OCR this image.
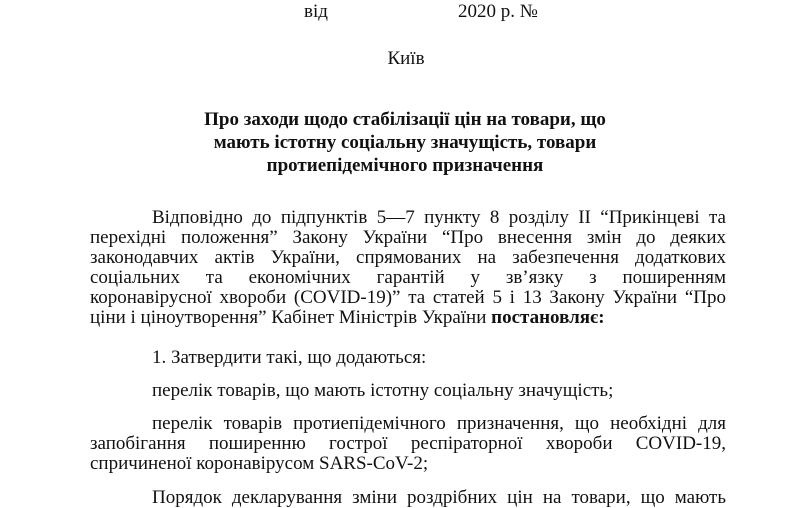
від	2020 р. №
Київ
Про заходи щодо стабілізації цін на товари, що
мають істотну соціальну значущість, товари
протиепідемічного призначення
Відповідно до підпунктів 5—7 пункту 8 розділу ІІ “Прикінцеві та
перехідні положення” Закону України “Про внесення змін до деяких
законодавчих актів України, спрямованих на забезпечення додаткових
соціальних та економічних гарантій у зв’язку з поширенням
коронавірусної хвороби (COVID-19)” та статей 5 і 13 Закону України “Про
ціни і ціноутворення” Кабінет Міністрів України постановляє:
1. Затвердити такі, що додаються:
перелік товарів, що мають істотну соціальну значущість;
перелік товарів протиепідемічного призначення, що необхідні для
запобігання поширенню гострої респіраторної хвороби COVID-19,
спричиненої коронавірусом SARS-CoV-2;
Порядок декларування зміни роздрібних цін на товари, що мають
